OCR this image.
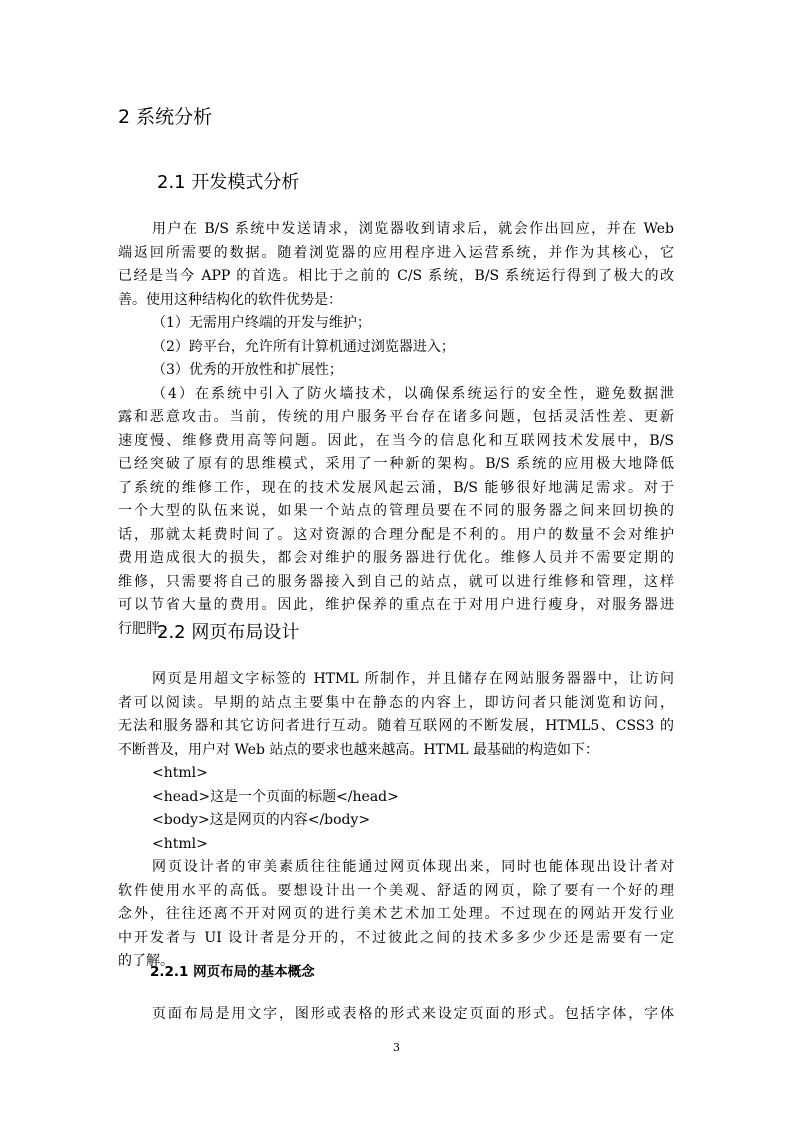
2 系统分析
2.1 开发模式分析
用户在 B/S 系统中发送请求，浏览器收到请求后，就会作出回应，并在 Web
端返回所需要的数据。随着浏览器的应用程序进入运营系统，并作为其核心，它
已经是当今 APP 的首选。相比于之前的 C/S 系统，B/S 系统运行得到了极大的改
善。使用这种结构化的软件优势是：
（1）无需用户终端的开发与维护；
（2）跨平台，允许所有计算机通过浏览器进入；
（3）优秀的开放性和扩展性；
（4）在系统中引入了防火墙技术，以确保系统运行的安全性，避免数据泄
露和恶意攻击。当前，传统的用户服务平台存在诸多问题，包括灵活性差、更新
速度慢、维修费用高等问题。因此，在当今的信息化和互联网技术发展中，B/S
已经突破了原有的思维模式，采用了一种新的架构。B/S 系统的应用极大地降低
了系统的维修工作，现在的技术发展风起云涌，B/S 能够很好地满足需求。对于
一个大型的队伍来说，如果一个站点的管理员要在不同的服务器之间来回切换的
话，那就太耗费时间了。这对资源的合理分配是不利的。用户的数量不会对维护
费用造成很大的损失，都会对维护的服务器进行优化。维修人员并不需要定期的
维修，只需要将自己的服务器接入到自己的站点，就可以进行维修和管理，这样
可以节省大量的费用。因此，维护保养的重点在于对用户进行瘦身，对服务器进
行肥胖。
2.2 网页布局设计
网页是用超文字标签的 HTML 所制作，并且储存在网站服务器器中，让访问
者可以阅读。早期的站点主要集中在静态的内容上，即访问者只能浏览和访问，
无法和服务器和其它访问者进行互动。随着互联网的不断发展，HTML5、CSS3 的
不断普及，用户对 Web 站点的要求也越来越高。HTML 最基础的构造如下：
<html>
<head>这是一个页面的标题</head>
<body>这是网页的内容</body>
<html>
网页设计者的审美素质往往能通过网页体现出来，同时也能体现出设计者对
软件使用水平的高低。要想设计出一个美观、舒适的网页，除了要有一个好的理
念外，往往还离不开对网页的进行美术艺术加工处理。不过现在的网站开发行业
中开发者与 UI 设计者是分开的，不过彼此之间的技术多多少少还是需要有一定
的了解。
2.2.1 网页布局的基本概念
页面布局是用文字，图形或表格的形式来设定页面的形式。包括字体，字体
3
